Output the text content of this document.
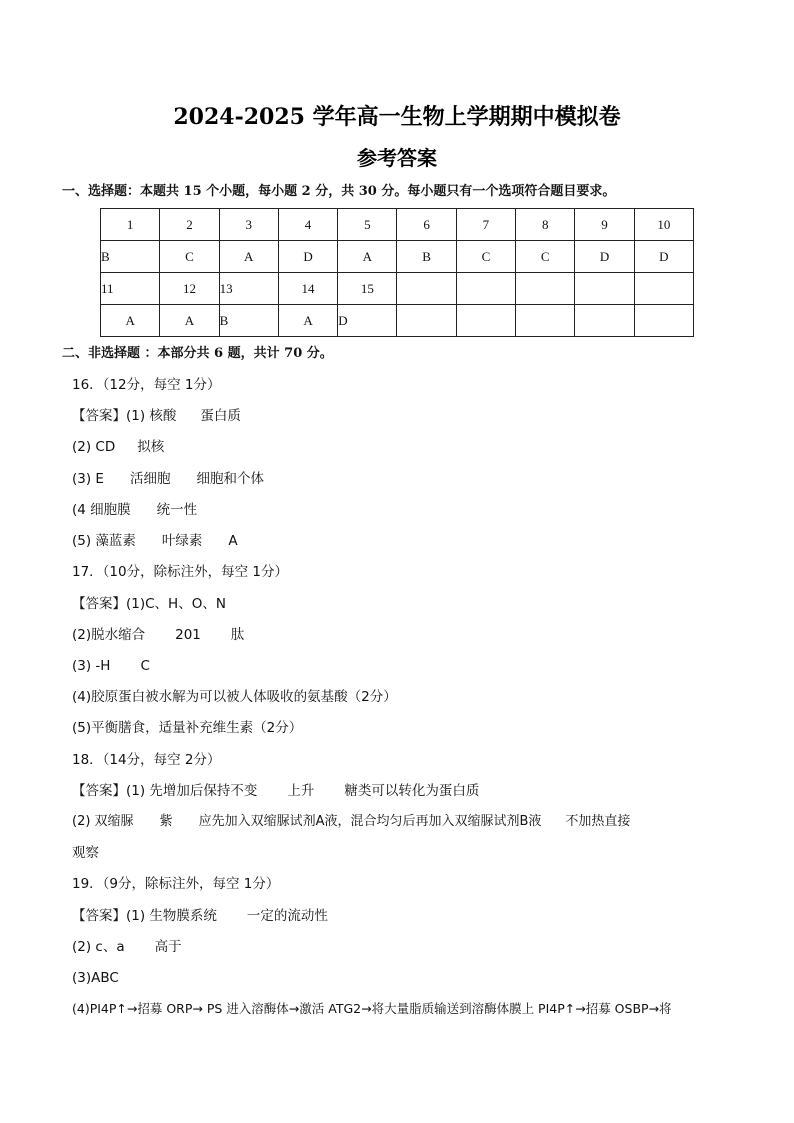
2024-2025 学年高一生物上学期期中模拟卷
参考答案
一、选择题：本题共 15 个小题，每小题 2 分，共 30 分。每小题只有一个选项符合题目要求。
1	2	3	4	5	6	7	8	9	10
B	C	A	D	A	B	C	C	D	D
11	12	13	14	15					
A	A	B	A	D					
二、非选择题 ：本部分共 6 题，共计 70 分。
16．（12分，每空 1分）
【答案】(1) 核酸 蛋白质
(2) CD 拟核
(3) E 活细胞 细胞和个体
(4 细胞膜 统一性
(5) 藻蓝素 叶绿素 A
17．（10分，除标注外，每空 1分）
【答案】(1)C、H、O、N
(2)脱水缩合 201 肽
(3) -H C
(4)胶原蛋白被水解为可以被人体吸收的氨基酸（2分）
(5)平衡膳食，适量补充维生素（2分）
18．（14分，每空 2分）
【答案】(1) 先增加后保持不变 上升 糖类可以转化为蛋白质
(2) 双缩脲 紫 应先加入双缩脲试剂A液，混合均匀后再加入双缩脲试剂B液 不加热直接
观察
19．（9分，除标注外，每空 1分）
【答案】(1) 生物膜系统 一定的流动性
(2) c、a 高于
(3)ABC
(4)PI4P↑→招募 ORP→ PS 进入溶酶体→激活 ATG2→将大量脂质输送到溶酶体膜上 PI4P↑→招募 OSBP→将
